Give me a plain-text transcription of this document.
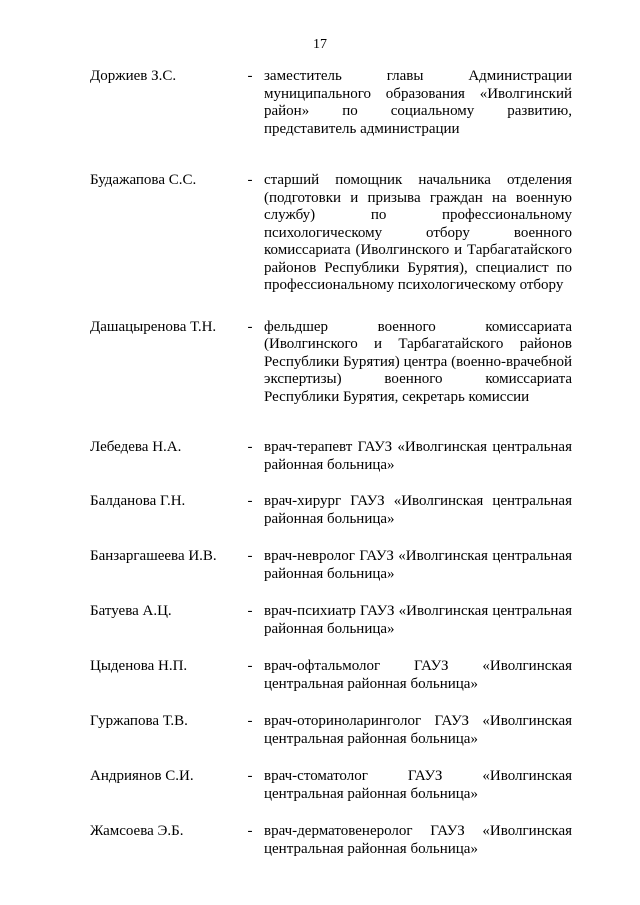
17
Доржиев З.С.	- заместитель главы Администрации муниципального образования «Иволгинский район» по социальному развитию, представитель администрации
Будажапова С.С.	- старший помощник начальника отделения (подготовки и призыва граждан на военную службу) по профессиональному психологическому отбору военного комиссариата (Иволгинского и Тарбагатайского районов Республики Бурятия), специалист по профессиональному психологическому отбору
Дашацыренова Т.Н.	- фельдшер военного комиссариата (Иволгинского и Тарбагатайского районов Республики Бурятия) центра (военно-врачебной экспертизы) военного комиссариата Республики Бурятия, секретарь комиссии
Лебедева Н.А.	- врач-терапевт ГАУЗ «Иволгинская центральная районная больница»
Балданова Г.Н.	- врач-хирург ГАУЗ «Иволгинская центральная районная больница»
Банзаргашеева И.В.	- врач-невролог ГАУЗ «Иволгинская центральная районная больница»
Батуева А.Ц.	- врач-психиатр ГАУЗ «Иволгинская центральная районная больница»
Цыденова Н.П.	- врач-офтальмолог ГАУЗ «Иволгинская центральная районная больница»
Гуржапова Т.В.	- врач-оториноларинголог ГАУЗ «Иволгинская центральная районная больница»
Андриянов С.И.	- врач-стоматолог ГАУЗ «Иволгинская центральная районная больница»
Жамсоева Э.Б.	- врач-дерматовенеролог ГАУЗ «Иволгинская центральная районная больница»
